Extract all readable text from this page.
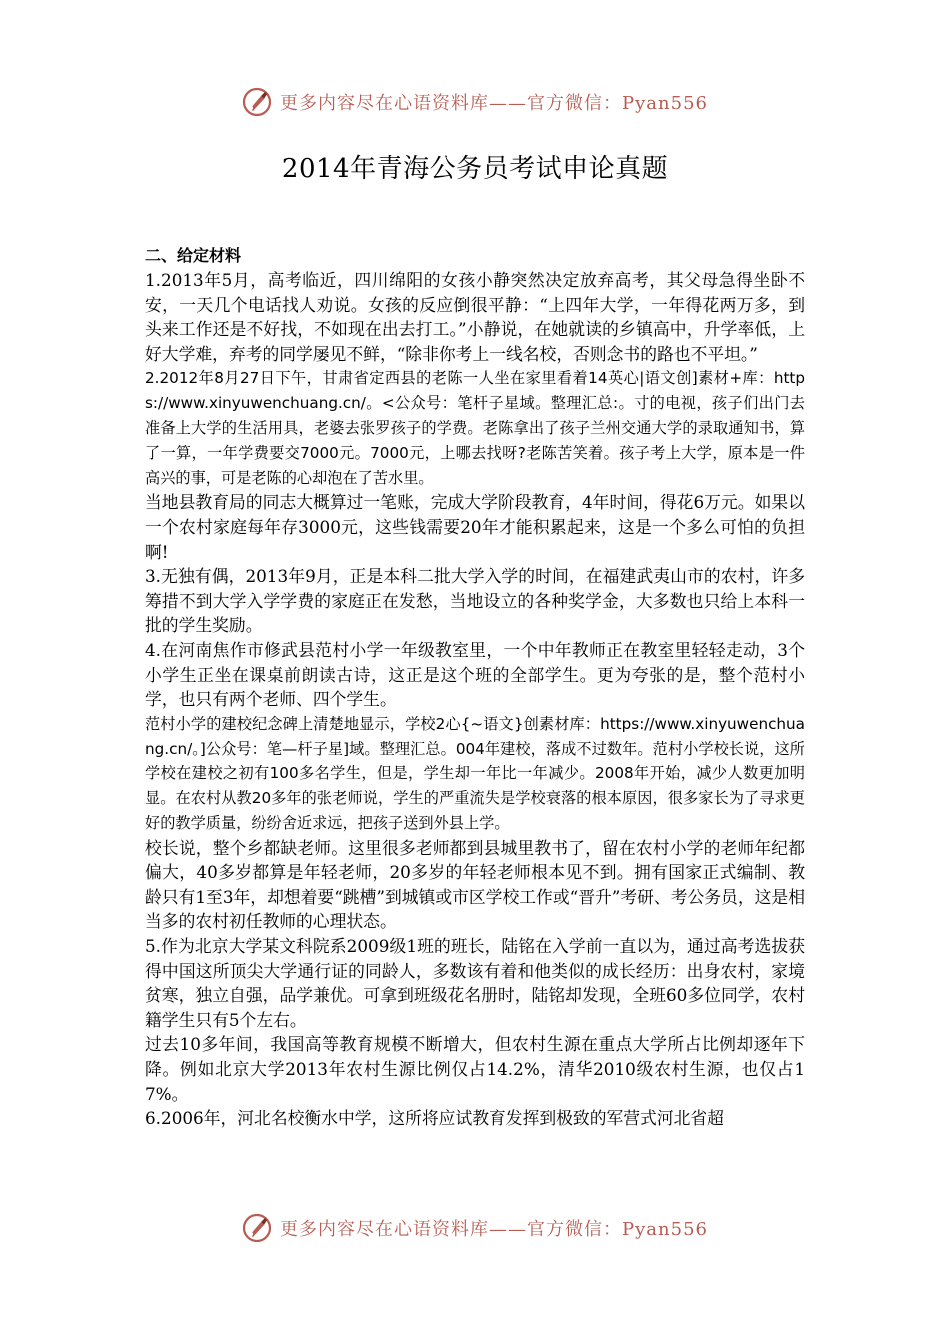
更多内容尽在心语资料库——官方微信：Pyan556
2014年青海公务员考试申论真题

二、给定材料

1.2013年5月，高考临近，四川绵阳的女孩小静突然决定放弃高考，其父母急得坐卧不安，一天几个电话找人劝说。女孩的反应倒很平静：“上四年大学，一年得花两万多，到头来工作还是不好找，不如现在出去打工。”小静说，在她就读的乡镇高中，升学率低，上好大学难，弃考的同学屡见不鲜，“除非你考上一线名校，否则念书的路也不平坦。”

2.2012年8月27日下午，甘肃省定西县的老陈一人坐在家里看着14英心|语文创]素材+库：https://www.xinyuwenchuang.cn/。<公众号：笔杆子星域。整理汇总:。寸的电视，孩子们出门去准备上大学的生活用具，老婆去张罗孩子的学费。老陈拿出了孩子兰州交通大学的录取通知书，算了一算，一年学费要交7000元。7000元，上哪去找呀?老陈苦笑着。孩子考上大学，原本是一件高兴的事，可是老陈的心却泡在了苦水里。

当地县教育局的同志大概算过一笔账，完成大学阶段教育，4年时间，得花6万元。如果以一个农村家庭每年存3000元，这些钱需要20年才能积累起来，这是一个多么可怕的负担啊!

3.无独有偶，2013年9月，正是本科二批大学入学的时间，在福建武夷山市的农村，许多筹措不到大学入学学费的家庭正在发愁，当地设立的各种奖学金，大多数也只给上本科一批的学生奖励。

4.在河南焦作市修武县范村小学一年级教室里，一个中年教师正在教室里轻轻走动，3个小学生正坐在课桌前朗读古诗，这正是这个班的全部学生。更为夸张的是，整个范村小学，也只有两个老师、四个学生。

范村小学的建校纪念碑上清楚地显示，学校2心{~语文}创素材库：https://www.xinyuwenchuang.cn/。]公众号：笔—杆子星]域。整理汇总。004年建校，落成不过数年。范村小学校长说，这所学校在建校之初有100多名学生，但是，学生却一年比一年减少。2008年开始，减少人数更加明显。在农村从教20多年的张老师说，学生的严重流失是学校衰落的根本原因，很多家长为了寻求更好的教学质量，纷纷舍近求远，把孩子送到外县上学。

校长说，整个乡都缺老师。这里很多老师都到县城里教书了，留在农村小学的老师年纪都偏大，40多岁都算是年轻老师，20多岁的年轻老师根本见不到。拥有国家正式编制、教龄只有1至3年，却想着要“跳槽”到城镇或市区学校工作或“晋升”考研、考公务员，这是相当多的农村初任教师的心理状态。

5.作为北京大学某文科院系2009级1班的班长，陆铭在入学前一直以为，通过高考选拔获得中国这所顶尖大学通行证的同龄人，多数该有着和他类似的成长经历：出身农村，家境贫寒，独立自强，品学兼优。可拿到班级花名册时，陆铭却发现，全班60多位同学，农村籍学生只有5个左右。

过去10多年间，我国高等教育规模不断增大，但农村生源在重点大学所占比例却逐年下降。例如北京大学2013年农村生源比例仅占14.2%，清华2010级农村生源，也仅占17%。

6.2006年，河北名校衡水中学，这所将应试教育发挥到极致的军营式河北省超

更多内容尽在心语资料库——官方微信：Pyan556
